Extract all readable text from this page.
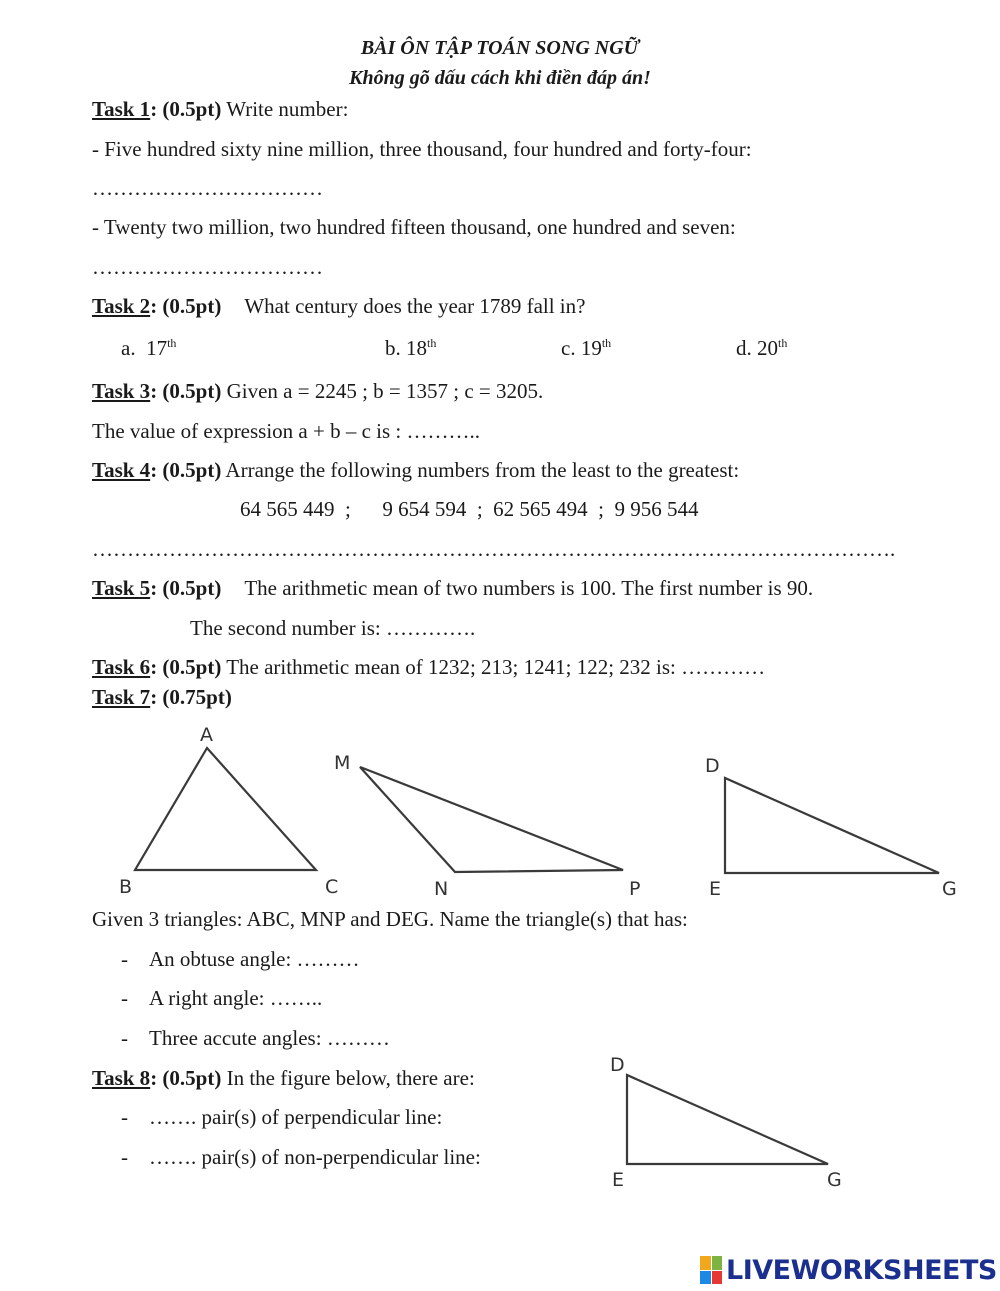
BÀI ÔN TẬP TOÁN SONG NGỮ
Không gõ dấu cách khi điền đáp án!
Task 1: (0.5pt) Write number:
- Five hundred sixty nine million, three thousand, four hundred and forty-four:
……………………………
- Twenty two million, two hundred fifteen thousand, one hundred and seven:
……………………………
Task 2: (0.5pt) What century does the year 1789 fall in?
a. 17th	b. 18th	c. 19th	d. 20th
Task 3: (0.5pt) Given a = 2245 ; b = 1357 ; c = 3205.
The value of expression a + b – c is : ………..
Task 4: (0.5pt) Arrange the following numbers from the least to the greatest:
64 565 449  ;      9 654 594  ;  62 565 494  ;  9 956 544
…………………………………………………………………………………………………….
Task 5: (0.5pt) The arithmetic mean of two numbers is 100. The first number is 90.
The second number is: ………….
Task 6: (0.5pt) The arithmetic mean of 1232; 213; 1241; 122; 232 is: …………
Task 7: (0.75pt)
A
B	C
M
N	P
D
E	G
Given 3 triangles: ABC, MNP and DEG. Name the triangle(s) that has:
- An obtuse angle: ………
- A right angle: ……..
- Three accute angles: ………
Task 8: (0.5pt) In the figure below, there are:
- ……. pair(s) of perpendicular line:
- ……. pair(s) of non-perpendicular line:
D
E	G
LIVEWORKSHEETS
